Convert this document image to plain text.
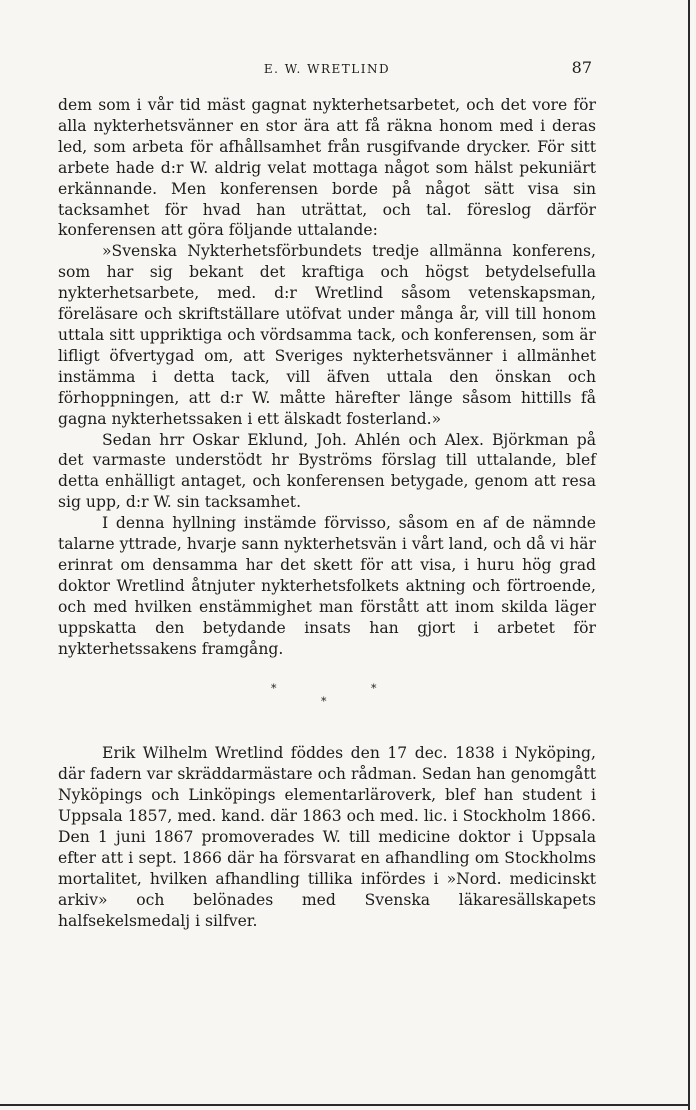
E. W. WRETLIND	87

dem som i vår tid mäst gagnat nykterhetsarbetet, och det vore för alla nykterhetsvänner en stor ära att få räkna honom med i deras led, som arbeta för afhållsamhet från rusgifvande drycker. För sitt arbete hade d:r W. aldrig velat mottaga något som hälst pekuniärt erkännande. Men konferensen borde på något sätt visa sin tacksamhet för hvad han uträttat, och tal. föreslog därför konferensen att göra följande uttalande:

»Svenska Nykterhetsförbundets tredje allmänna konferens, som har sig bekant det kraftiga och högst betydelsefulla nykterhetsarbete, med. d:r Wretlind såsom vetenskapsman, föreläsare och skriftställare utöfvat under många år, vill till honom uttala sitt uppriktiga och vördsamma tack, och konferensen, som är lifligt öfvertygad om, att Sveriges nykterhetsvänner i allmänhet instämma i detta tack, vill äfven uttala den önskan och förhoppningen, att d:r W. måtte härefter länge såsom hittills få gagna nykterhetssaken i ett älskadt fosterland.»

Sedan hrr Oskar Eklund, Joh. Ahlén och Alex. Björkman på det varmaste understödt hr Byströms förslag till uttalande, blef detta enhälligt antaget, och konferensen betygade, genom att resa sig upp, d:r W. sin tacksamhet.

I denna hyllning instämde förvisso, såsom en af de nämnde talarne yttrade, hvarje sann nykterhetsvän i vårt land, och då vi här erinrat om densamma har det skett för att visa, i huru hög grad doktor Wretlind åtnjuter nykterhetsfolkets aktning och förtroende, och med hvilken enstämmighet man förstått att inom skilda läger uppskatta den betydande insats han gjort i arbetet för nykterhetssakens framgång.

*	*
*

Erik Wilhelm Wretlind föddes den 17 dec. 1838 i Nyköping, där fadern var skräddarmästare och rådman. Sedan han genomgått Nyköpings och Linköpings elementarläroverk, blef han student i Uppsala 1857, med. kand. där 1863 och med. lic. i Stockholm 1866. Den 1 juni 1867 promoverades W. till medicine doktor i Uppsala efter att i sept. 1866 där ha försvarat en afhandling om Stockholms mortalitet, hvilken afhandling tillika infördes i »Nord. medicinskt arkiv» och belönades med Svenska läkaresällskapets halfsekelsmedalj i silfver.
